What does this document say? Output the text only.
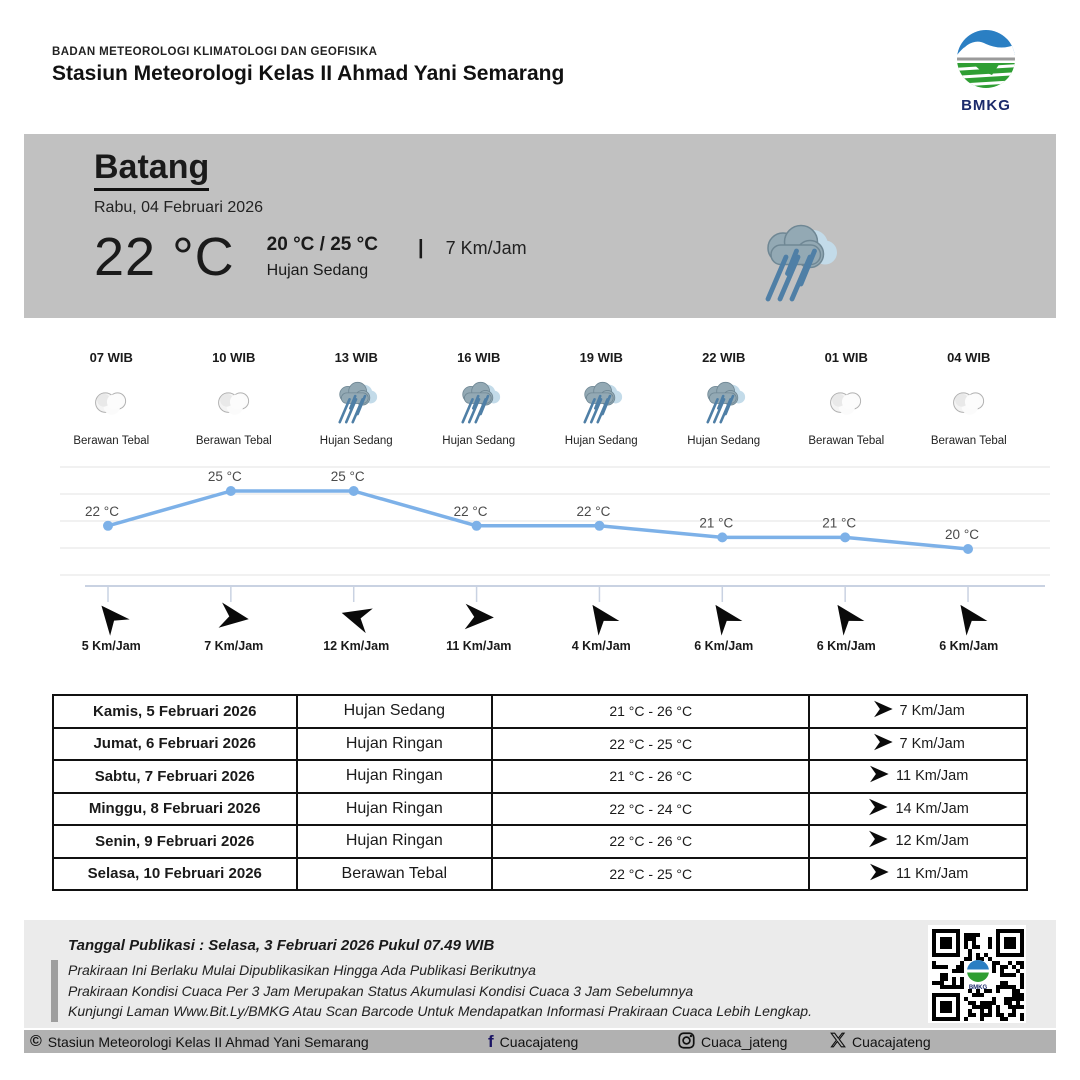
BADAN METEOROLOGI KLIMATOLOGI DAN GEOFISIKA
Stasiun Meteorologi Kelas II Ahmad Yani Semarang
BMKG
Batang
Rabu, 04 Februari 2026
22 °C 20 °C / 25 °C
Hujan Sedang
| 7 Km/Jam
07 WIB
Berawan Tebal
10 WIB
Berawan Tebal
13 WIB
Hujan Sedang
16 WIB
Hujan Sedang
19 WIB
Hujan Sedang
22 WIB
Hujan Sedang
01 WIB
Berawan Tebal
04 WIB
Berawan Tebal
22 °C
25 °C	25 °C
22 °C	22 °C
21 °C	21 °C
20 °C
5 Km/Jam	7 Km/Jam	12 Km/Jam	11 Km/Jam	4 Km/Jam	6 Km/Jam	6 Km/Jam	6 Km/Jam
Kamis, 5 Februari 2026	Hujan Sedang	21 °C - 26 °C	7 Km/Jam

Jumat, 6 Februari 2026	Hujan Ringan	22 °C - 25 °C	7 Km/Jam

Sabtu, 7 Februari 2026	Hujan Ringan	21 °C - 26 °C	11 Km/Jam

Minggu, 8 Februari 2026	Hujan Ringan	22 °C - 24 °C	14 Km/Jam

Senin, 9 Februari 2026	Hujan Ringan	22 °C - 26 °C	12 Km/Jam

Selasa, 10 Februari 2026	Berawan Tebal	22 °C - 25 °C	11 Km/Jam
Tanggal Publikasi : Selasa, 3 Februari 2026 Pukul 07.49 WIB
Prakiraan Ini Berlaku Mulai Dipublikasikan Hingga Ada Publikasi Berikutnya
Prakiraan Kondisi Cuaca Per 3 Jam Merupakan Status Akumulasi Kondisi Cuaca 3 Jam Sebelumnya
Kunjungi Laman Www.Bit.Ly/BMKG Atau Scan Barcode Untuk Mendapatkan Informasi Prakiraan Cuaca Lebih Lengkap.
BMKG
© Stasiun Meteorologi Kelas II Ahmad Yani Semarang	f Cuacajateng	Cuaca_jateng	Cuacajateng
